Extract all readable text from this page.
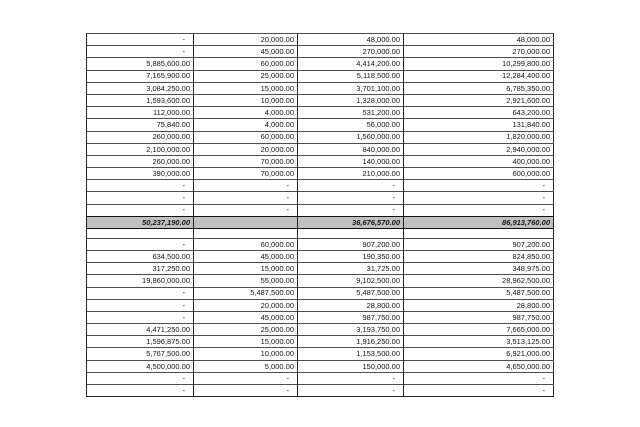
-	20,000.00	48,000.00	48,000.00
-	45,000.00	270,000.00	270,000.00
5,885,600.00	60,000.00	4,414,200.00	10,299,800.00
7,165,900.00	25,000.00	5,118,500.00	12,284,400.00
3,084,250.00	15,000.00	3,701,100.00	6,785,350.00
1,593,600.00	10,000.00	1,328,000.00	2,921,600.00
112,000.00	4,000.00	531,200.00	643,200.00
75,840.00	4,000.00	56,000.00	131,840.00
260,000.00	60,000.00	1,560,000.00	1,820,000.00
2,100,000.00	20,000.00	840,000.00	2,940,000.00
260,000.00	70,000.00	140,000.00	400,000.00
390,000.00	70,000.00	210,000.00	600,000.00
-	-	-	-
-	-	-	-
-	-	-	-
50,237,190.00		36,676,570.00	86,913,760.00

-	60,000.00	907,200.00	907,200.00
634,500.00	45,000.00	190,350.00	824,850.00
317,250.00	15,000.00	31,725.00	348,975.00
19,860,000.00	55,000.00	9,102,500.00	28,962,500.00
-	5,487,500.00	5,487,500.00	5,487,500.00
-	20,000.00	28,800.00	28,800.00
-	45,000.00	987,750.00	987,750.00
4,471,250.00	25,000.00	3,193,750.00	7,665,000.00
1,596,875.00	15,000.00	1,916,250.00	3,513,125.00
5,767,500.00	10,000.00	1,153,500.00	6,921,000.00
4,500,000.00	5,000.00	150,000.00	4,650,000.00
-	-	-	-
-	-	-	-
